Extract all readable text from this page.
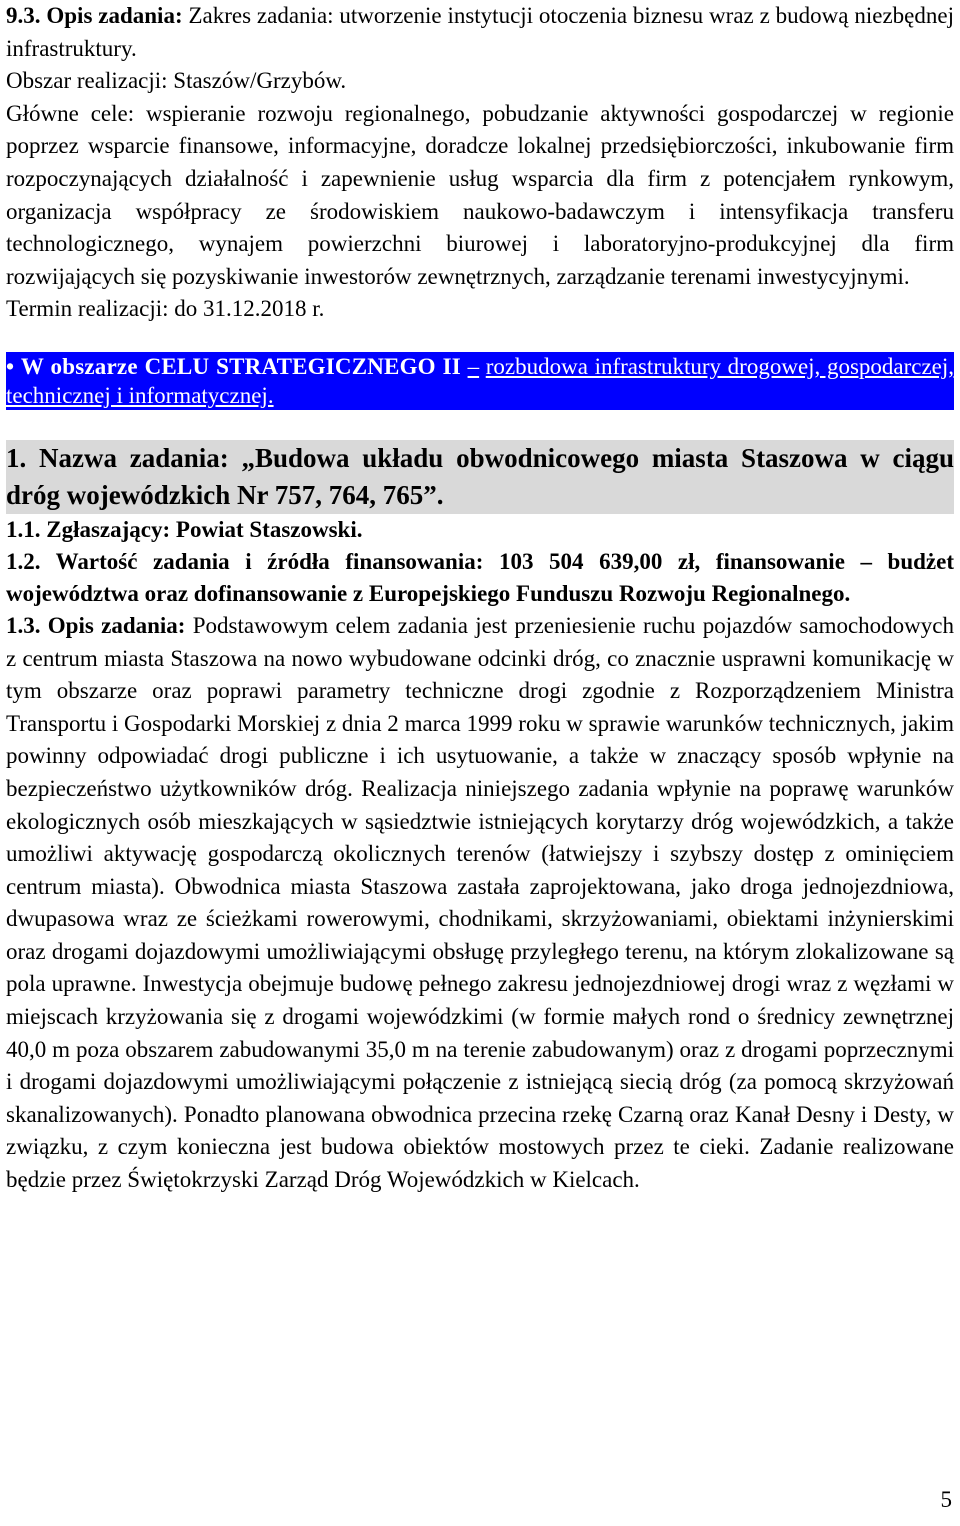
9.3. Opis zadania: Zakres zadania: utworzenie instytucji otoczenia biznesu wraz z budową niezbędnej infrastruktury.

Obszar realizacji: Staszów/Grzybów.

Główne cele: wspieranie rozwoju regionalnego, pobudzanie aktywności gospodarczej w regionie poprzez wsparcie finansowe, informacyjne, doradcze lokalnej przedsiębiorczości, inkubowanie firm rozpoczynających działalność i zapewnienie usług wsparcia dla firm z potencjałem rynkowym, organizacja współpracy ze środowiskiem naukowo-badawczym i intensyfikacja transferu technologicznego, wynajem powierzchni biurowej i laboratoryjno-produkcyjnej dla firm rozwijających się pozyskiwanie inwestorów zewnętrznych, zarządzanie terenami inwestycyjnymi.

Termin realizacji: do 31.12.2018 r.

• W obszarze CELU STRATEGICZNEGO II – rozbudowa infrastruktury drogowej, gospodarczej, technicznej i informatycznej.

1. Nazwa zadania: „Budowa układu obwodnicowego miasta Staszowa w ciągu dróg wojewódzkich Nr 757, 764, 765”.

1.1. Zgłaszający: Powiat Staszowski.

1.2. Wartość zadania i źródła finansowania: 103 504 639,00 zł, finansowanie – budżet województwa oraz dofinansowanie z Europejskiego Funduszu Rozwoju Regionalnego.

1.3. Opis zadania: Podstawowym celem zadania jest przeniesienie ruchu pojazdów samochodowych z centrum miasta Staszowa na nowo wybudowane odcinki dróg, co znacznie usprawni komunikację w tym obszarze oraz poprawi parametry techniczne drogi zgodnie z Rozporządzeniem Ministra Transportu i Gospodarki Morskiej z dnia 2 marca 1999 roku w sprawie warunków technicznych, jakim powinny odpowiadać drogi publiczne i ich usytuowanie, a także w znaczący sposób wpłynie na bezpieczeństwo użytkowników dróg. Realizacja niniejszego zadania wpłynie na poprawę warunków ekologicznych osób mieszkających w sąsiedztwie istniejących korytarzy dróg wojewódzkich, a także umożliwi aktywację gospodarczą okolicznych terenów (łatwiejszy i szybszy dostęp z ominięciem centrum miasta). Obwodnica miasta Staszowa zastała zaprojektowana, jako droga jednojezdniowa, dwupasowa wraz ze ścieżkami rowerowymi, chodnikami, skrzyżowaniami, obiektami inżynierskimi oraz drogami dojazdowymi umożliwiającymi obsługę przyległego terenu, na którym zlokalizowane są pola uprawne. Inwestycja obejmuje budowę pełnego zakresu jednojezdniowej drogi wraz z węzłami w miejscach krzyżowania się z drogami wojewódzkimi (w formie małych rond o średnicy zewnętrznej 40,0 m poza obszarem zabudowanymi 35,0 m na terenie zabudowanym) oraz z drogami poprzecznymi i drogami dojazdowymi umożliwiającymi połączenie z istniejącą siecią dróg (za pomocą skrzyżowań skanalizowanych). Ponadto planowana obwodnica przecina rzekę Czarną oraz Kanał Desny i Desty, w związku, z czym konieczna jest budowa obiektów mostowych przez te cieki. Zadanie realizowane będzie przez Świętokrzyski Zarząd Dróg Wojewódzkich w Kielcach.

5
